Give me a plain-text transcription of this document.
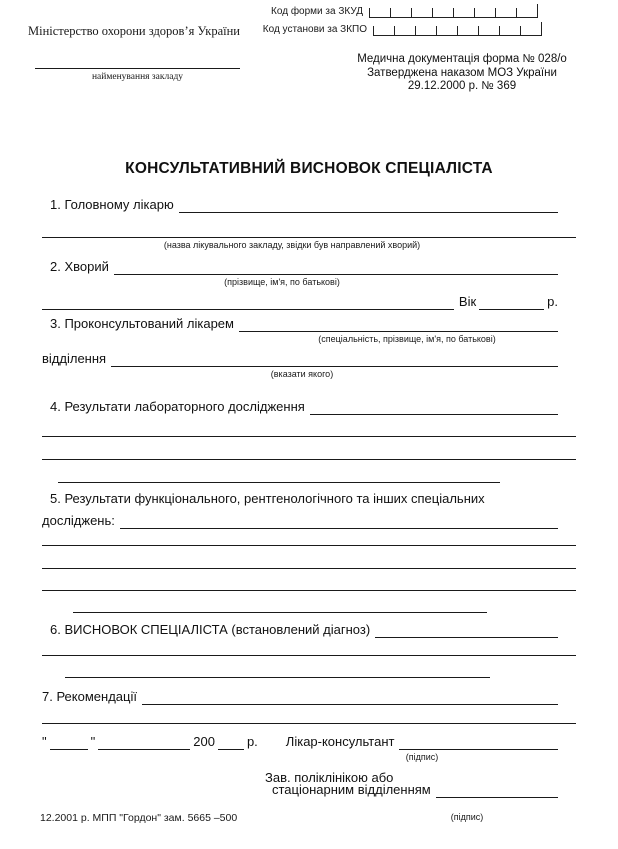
Міністерство охорони здоров’я України
найменування закладу
Код форми за ЗКУД
Код установи за ЗКПО
Медична документація форма № 028/о
Затверджена наказом МОЗ України
29.12.2000 р. № 369
КОНСУЛЬТАТИВНИЙ ВИСНОВОК СПЕЦІАЛІСТА
1. Головному лікарю
(назва лікувального закладу, звідки був направлений хворий)
2. Хворий
(прізвище, ім'я, по батькові)
Вік	р.
3. Проконсультований лікарем
(спеціальність, прізвище, ім'я, по батькові)
відділення
(вказати якого)
4. Результати лабораторного дослідження
5. Результати функціонального, рентгенологічного та інших спеціальних
досліджень:
6. ВИСНОВОК СПЕЦІАЛІСТА (встановлений діагноз)
7. Рекомендації
"	"	200 р. Лікар-консультант
(підпис)
Зав. поліклінікою або
стаціонарним відділенням
(підпис)
12.2001 р. МПП "Гордон" зам. 5665 –500
